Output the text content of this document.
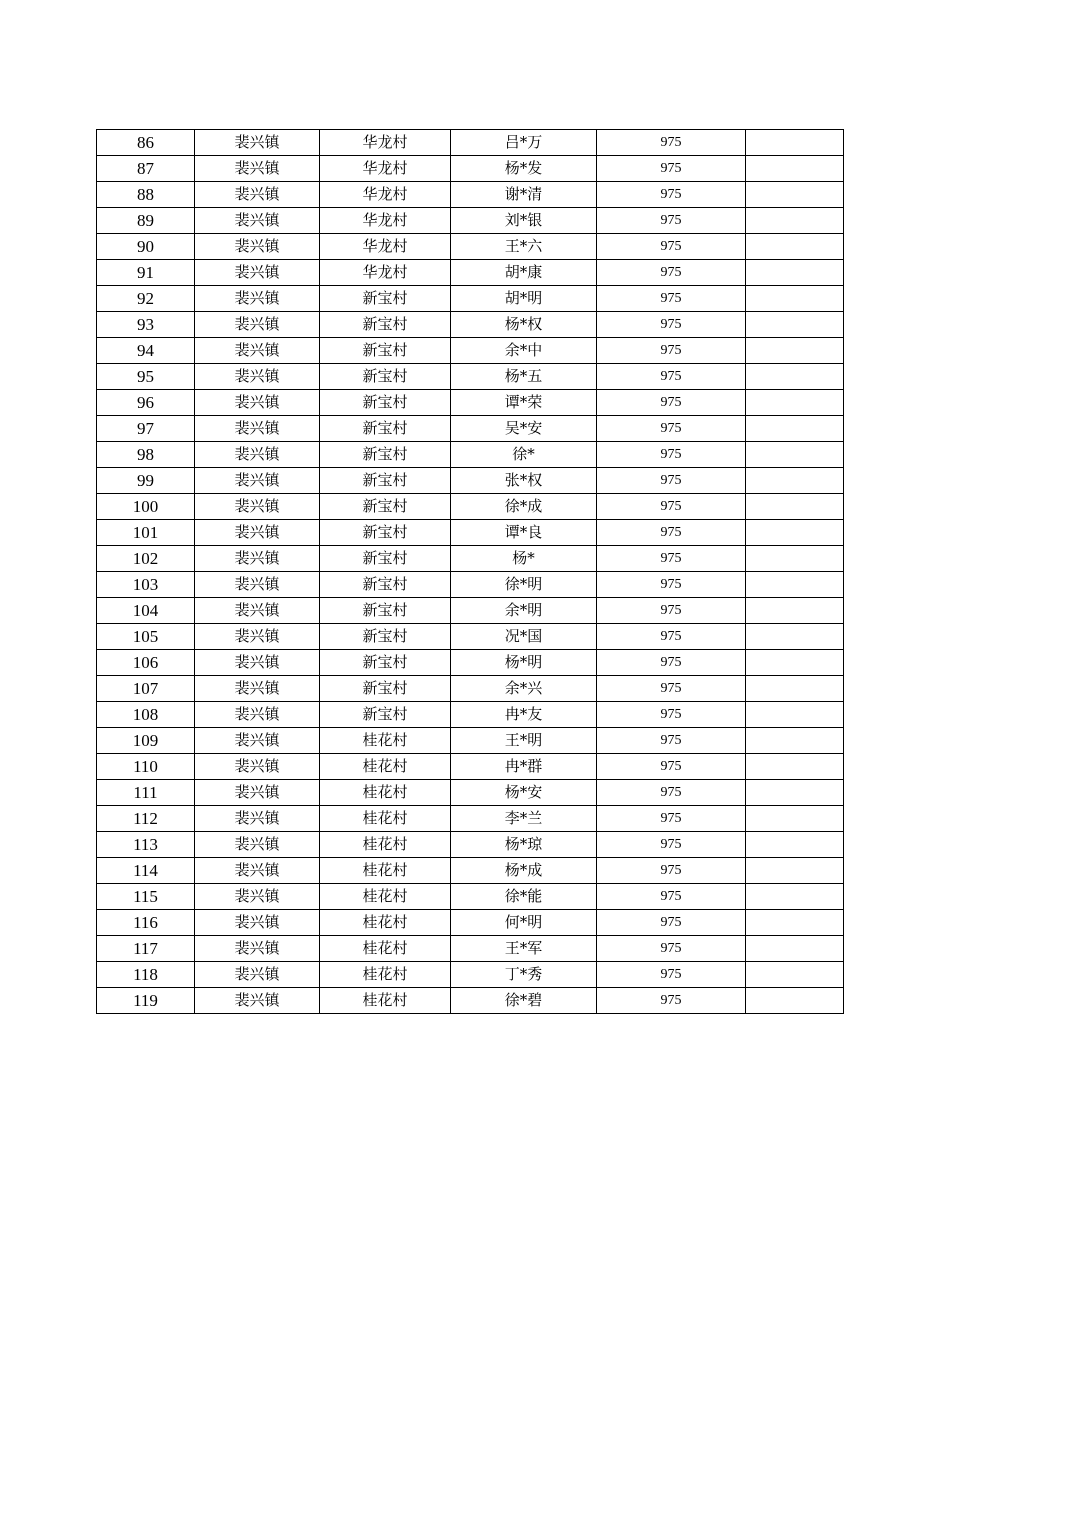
86	裴兴镇	华龙村	吕*万	975	
87	裴兴镇	华龙村	杨*发	975	
88	裴兴镇	华龙村	谢*清	975	
89	裴兴镇	华龙村	刘*银	975	
90	裴兴镇	华龙村	王*六	975	
91	裴兴镇	华龙村	胡*康	975	
92	裴兴镇	新宝村	胡*明	975	
93	裴兴镇	新宝村	杨*权	975	
94	裴兴镇	新宝村	余*中	975	
95	裴兴镇	新宝村	杨*五	975	
96	裴兴镇	新宝村	谭*荣	975	
97	裴兴镇	新宝村	吴*安	975	
98	裴兴镇	新宝村	徐*	975	
99	裴兴镇	新宝村	张*权	975	
100	裴兴镇	新宝村	徐*成	975	
101	裴兴镇	新宝村	谭*良	975	
102	裴兴镇	新宝村	杨*	975	
103	裴兴镇	新宝村	徐*明	975	
104	裴兴镇	新宝村	余*明	975	
105	裴兴镇	新宝村	况*国	975	
106	裴兴镇	新宝村	杨*明	975	
107	裴兴镇	新宝村	余*兴	975	
108	裴兴镇	新宝村	冉*友	975	
109	裴兴镇	桂花村	王*明	975	
110	裴兴镇	桂花村	冉*群	975	
111	裴兴镇	桂花村	杨*安	975	
112	裴兴镇	桂花村	李*兰	975	
113	裴兴镇	桂花村	杨*琼	975	
114	裴兴镇	桂花村	杨*成	975	
115	裴兴镇	桂花村	徐*能	975	
116	裴兴镇	桂花村	何*明	975	
117	裴兴镇	桂花村	王*军	975	
118	裴兴镇	桂花村	丁*秀	975	
119	裴兴镇	桂花村	徐*碧	975	
